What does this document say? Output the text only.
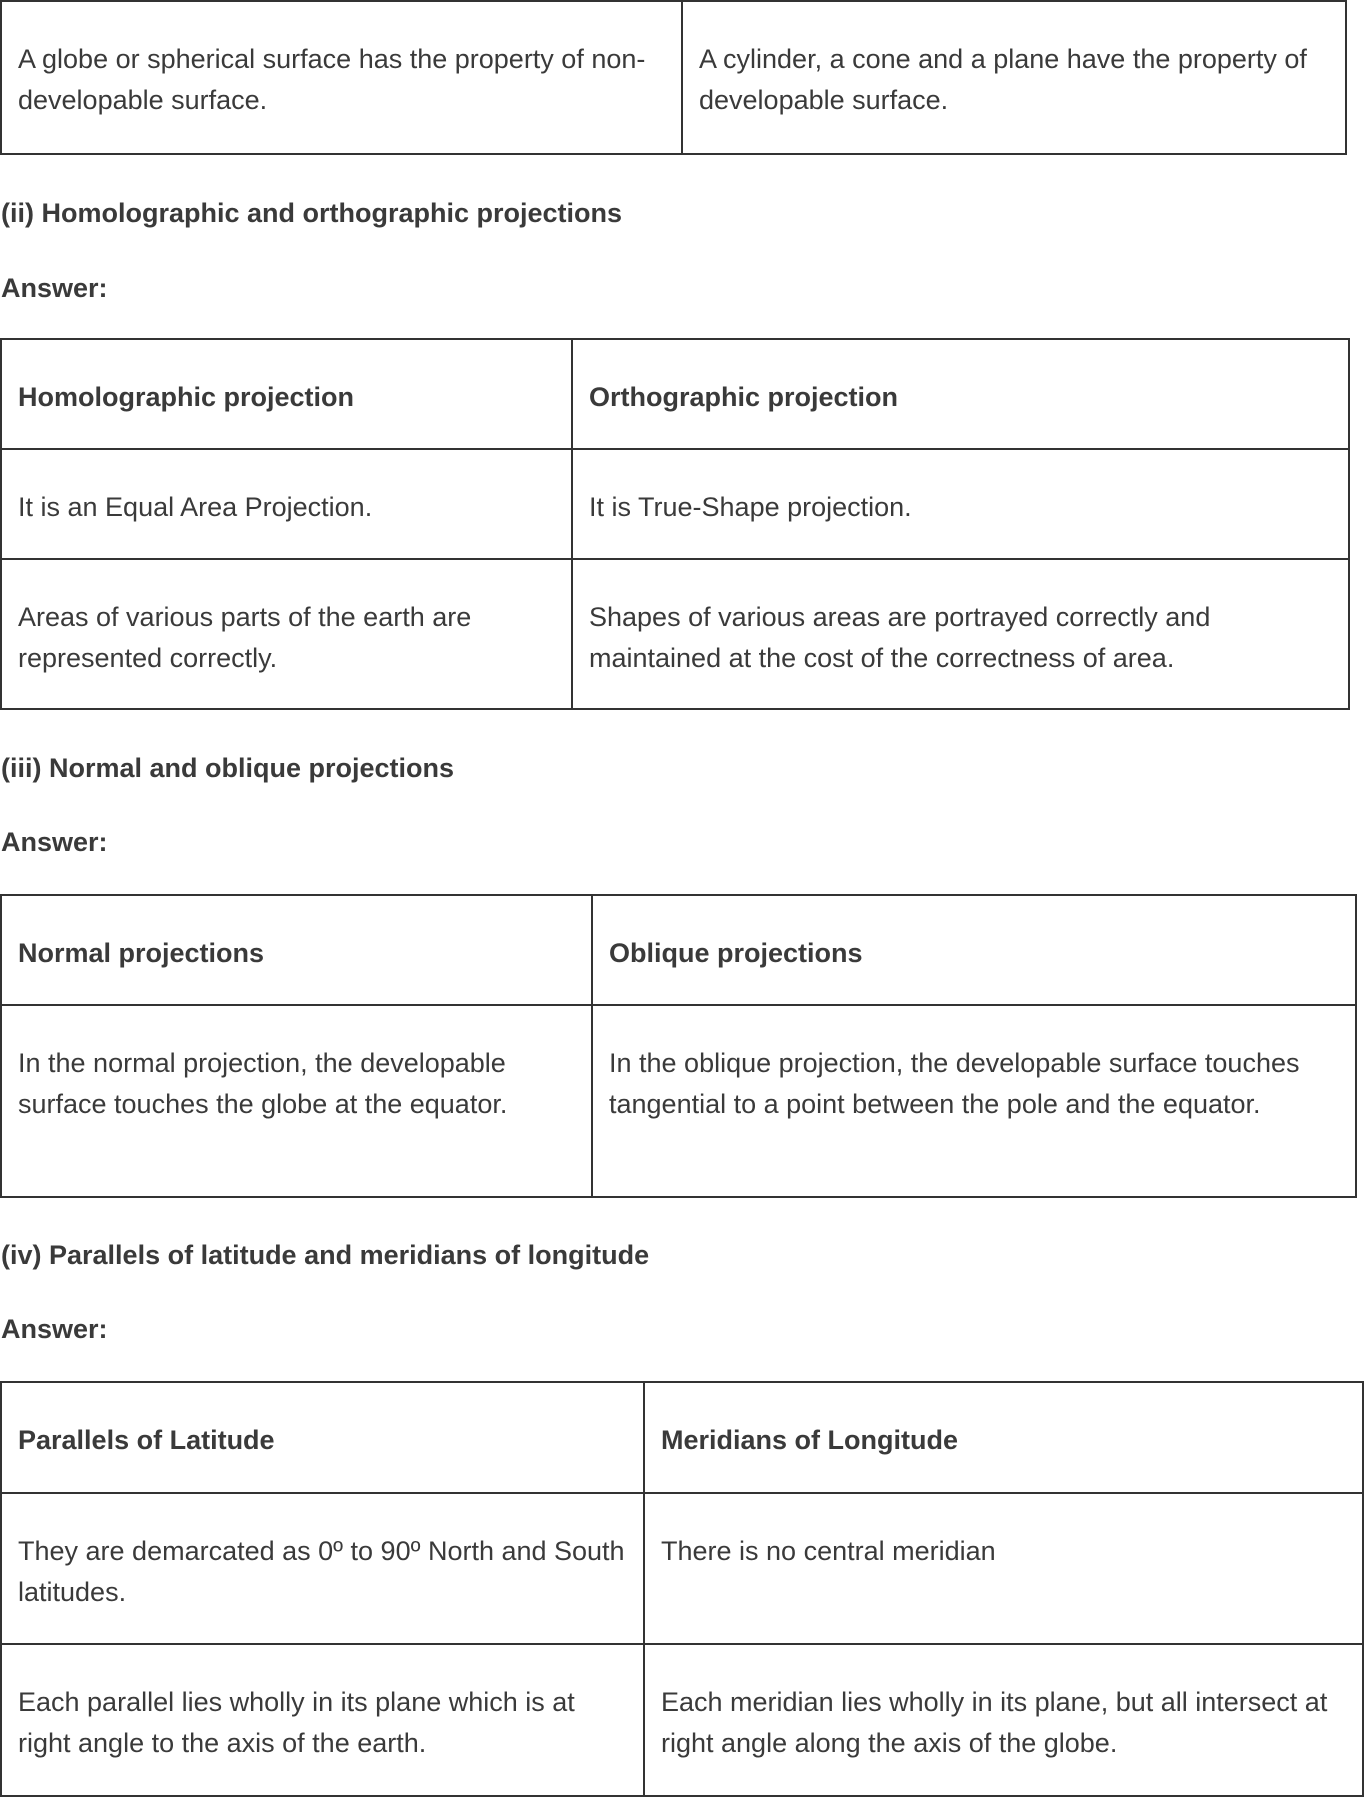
A globe or spherical surface has the property of non- developable surface.	A cylinder, a cone and a plane have the property of developable surface.
(ii) Homolographic and orthographic projections
Answer:
Homolographic projection	Orthographic projection
It is an Equal Area Projection.	It is True-Shape projection.
Areas of various parts of the earth are represented correctly.	Shapes of various areas are portrayed correctly and maintained at the cost of the correctness of area.
(iii) Normal and oblique projections
Answer:
Normal projections	Oblique projections
In the normal projection, the developable surface touches the globe at the equator.	In the oblique projection, the developable surface touches tangential to a point between the pole and the equator.
(iv) Parallels of latitude and meridians of longitude
Answer:
Parallels of Latitude	Meridians of Longitude
They are demarcated as 0º to 90º North and South latitudes.	There is no central meridian
Each parallel lies wholly in its plane which is at right angle to the axis of the earth.	Each meridian lies wholly in its plane, but all intersect at right angle along the axis of the globe.
